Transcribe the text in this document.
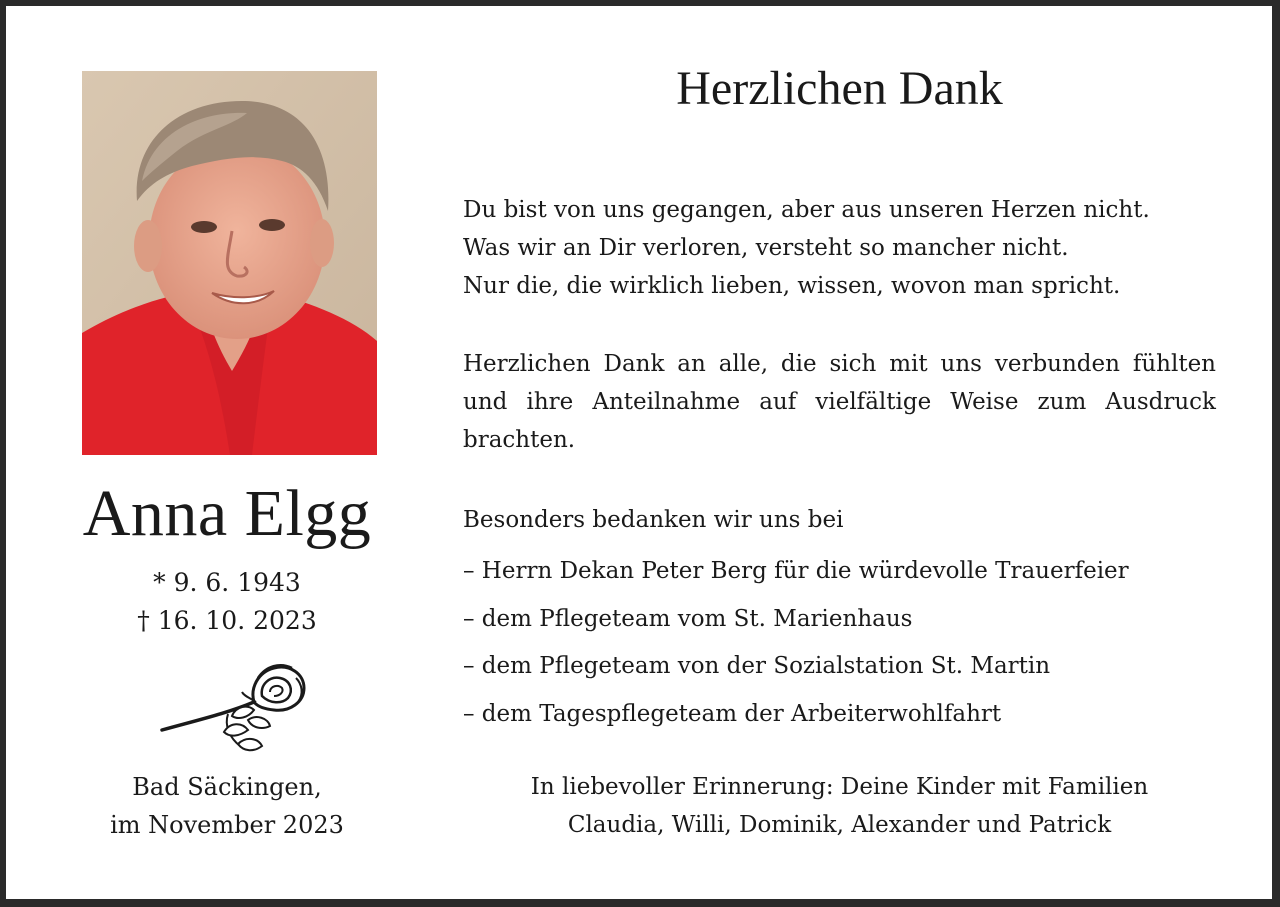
Anna Elgg
* 9. 6. 1943
† 16. 10. 2023
Bad Säckingen,
im November 2023
Herzlichen Dank
Du bist von uns gegangen, aber aus unseren Herzen nicht.
Was wir an Dir verloren, versteht so mancher nicht.
Nur die, die wirklich lieben, wissen, wovon man spricht.
Herzlichen Dank an alle, die sich mit uns verbunden fühlten und ihre Anteilnahme auf vielfältige Weise zum Ausdruck brachten.
Besonders bedanken wir uns bei
– Herrn Dekan Peter Berg für die würdevolle Trauerfeier
– dem Pflegeteam vom St. Marienhaus
– dem Pflegeteam von der Sozialstation St. Martin
– dem Tagespflegeteam der Arbeiterwohlfahrt
In liebevoller Erinnerung: Deine Kinder mit Familien
Claudia, Willi, Dominik, Alexander und Patrick
